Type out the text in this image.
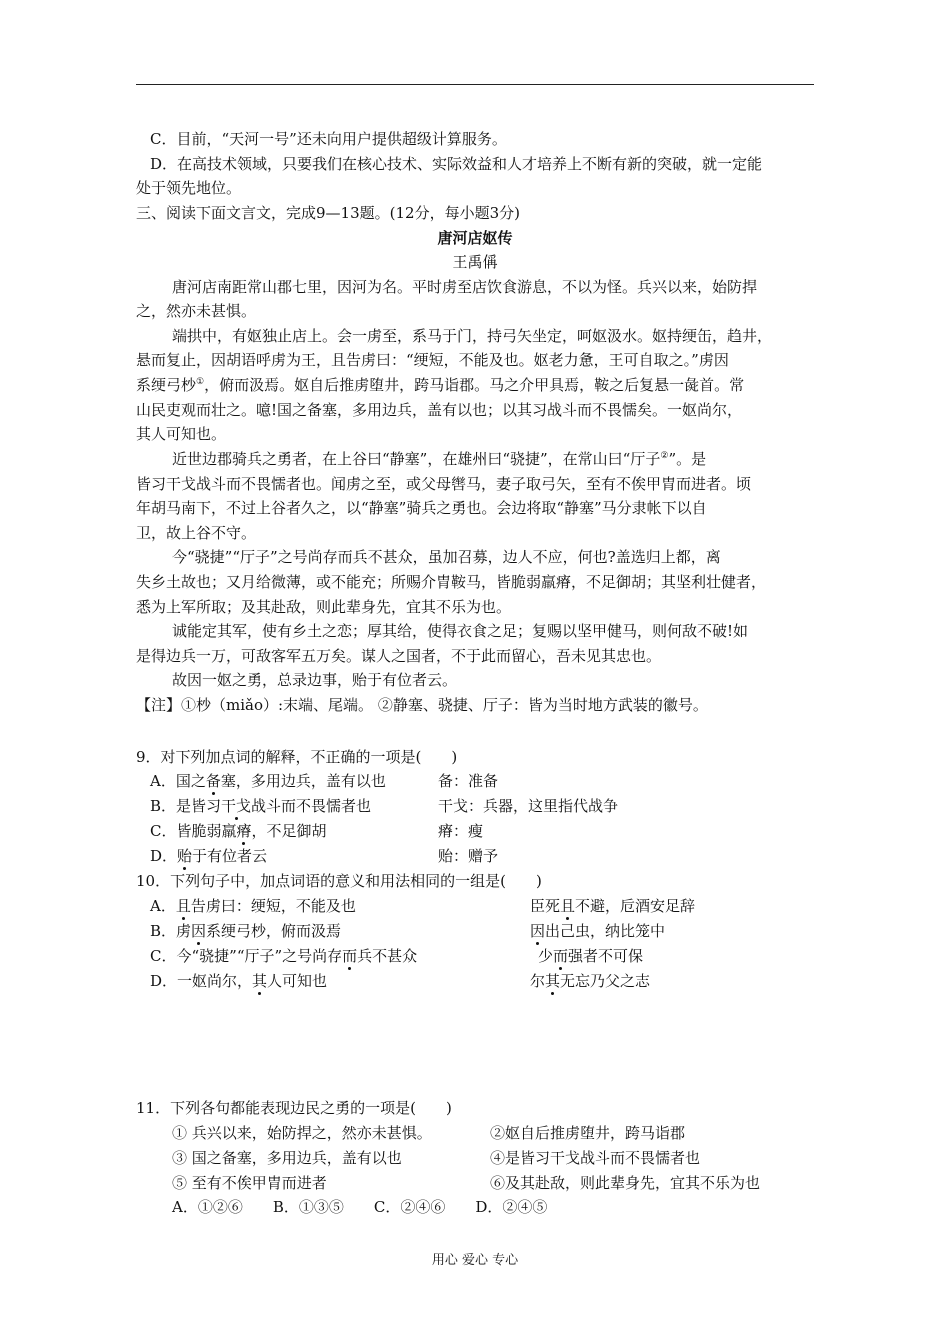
C．目前，“天河一号”还未向用户提供超级计算服务。
D．在高技术领域，只要我们在核心技术、实际效益和人才培养上不断有新的突破，就一定能
处于领先地位。
三、阅读下面文言文，完成9—13题。(12分，每小题3分)
唐河店妪传
王禹偁
唐河店南距常山郡七里，因河为名。平时虏至店饮食游息，不以为怪。兵兴以来，始防捍
之，然亦未甚惧。
端拱中，有妪独止店上。会一虏至，系马于门，持弓矢坐定，呵妪汲水。妪持绠缶，趋井，
悬而复止，因胡语呼虏为王，且告虏曰：“绠短，不能及也。妪老力惫，王可自取之。”虏因
系绠弓杪①，俯而汲焉。妪自后推虏堕井，跨马诣郡。马之介甲具焉，鞍之后复悬一彘首。常
山民吏观而壮之。噫!国之备塞，多用边兵，盖有以也；以其习战斗而不畏懦矣。一妪尚尔，
其人可知也。
近世边郡骑兵之勇者，在上谷曰“静塞”，在雄州曰“骁捷”，在常山曰“厅子②”。是
皆习干戈战斗而不畏懦者也。闻虏之至，或父母辔马，妻子取弓矢，至有不俟甲胄而进者。顷
年胡马南下，不过上谷者久之，以“静塞”骑兵之勇也。会边将取“静塞”马分隶帐下以自
卫，故上谷不守。
今“骁捷”“厅子”之号尚存而兵不甚众，虽加召募，边人不应，何也?盖选归上都，离
失乡土故也；又月给微薄，或不能充；所赐介胄鞍马，皆脆弱羸瘠，不足御胡；其坚利壮健者，
悉为上军所取；及其赴敌，则此辈身先，宜其不乐为也。
诚能定其军，使有乡土之恋；厚其给，使得衣食之足；复赐以坚甲健马，则何敌不破!如
是得边兵一万，可敌客军五万矣。谋人之国者，不于此而留心，吾未见其忠也。
故因一妪之勇，总录边事，贻于有位者云。
【注】①杪（miǎo）:末端、尾端。 ②静塞、骁捷、厅子：皆为当时地方武装的徽号。
9．对下列加点词的解释，不正确的一项是(　　)
A．国之备塞，多用边兵，盖有以也	备：准备
B．是皆习干戈战斗而不畏懦者也	干戈：兵器，这里指代战争
C．皆脆弱羸瘠，不足御胡	瘠：瘦
D．贻于有位者云	贻：赠予
10．下列句子中，加点词语的意义和用法相同的一组是(　　)
A．且告虏曰：绠短，不能及也	臣死且不避，卮酒安足辞
B．虏因系绠弓杪，俯而汲焉	因出己虫，纳比笼中
C．今“骁捷”“厅子”之号尚存而兵不甚众	少而强者不可保
D．一妪尚尔，其人可知也	尔其无忘乃父之志
11．下列各句都能表现边民之勇的一项是(　　)
① 兵兴以来，始防捍之，然亦未甚惧。	②妪自后推虏堕井，跨马诣郡
③ 国之备塞，多用边兵，盖有以也	④是皆习干戈战斗而不畏懦者也
⑤ 至有不俟甲胄而进者	⑥及其赴敌，则此辈身先，宜其不乐为也
A．①②⑥　　B．①③⑤　　C．②④⑥　　D．②④⑤
用心 爱心 专心
